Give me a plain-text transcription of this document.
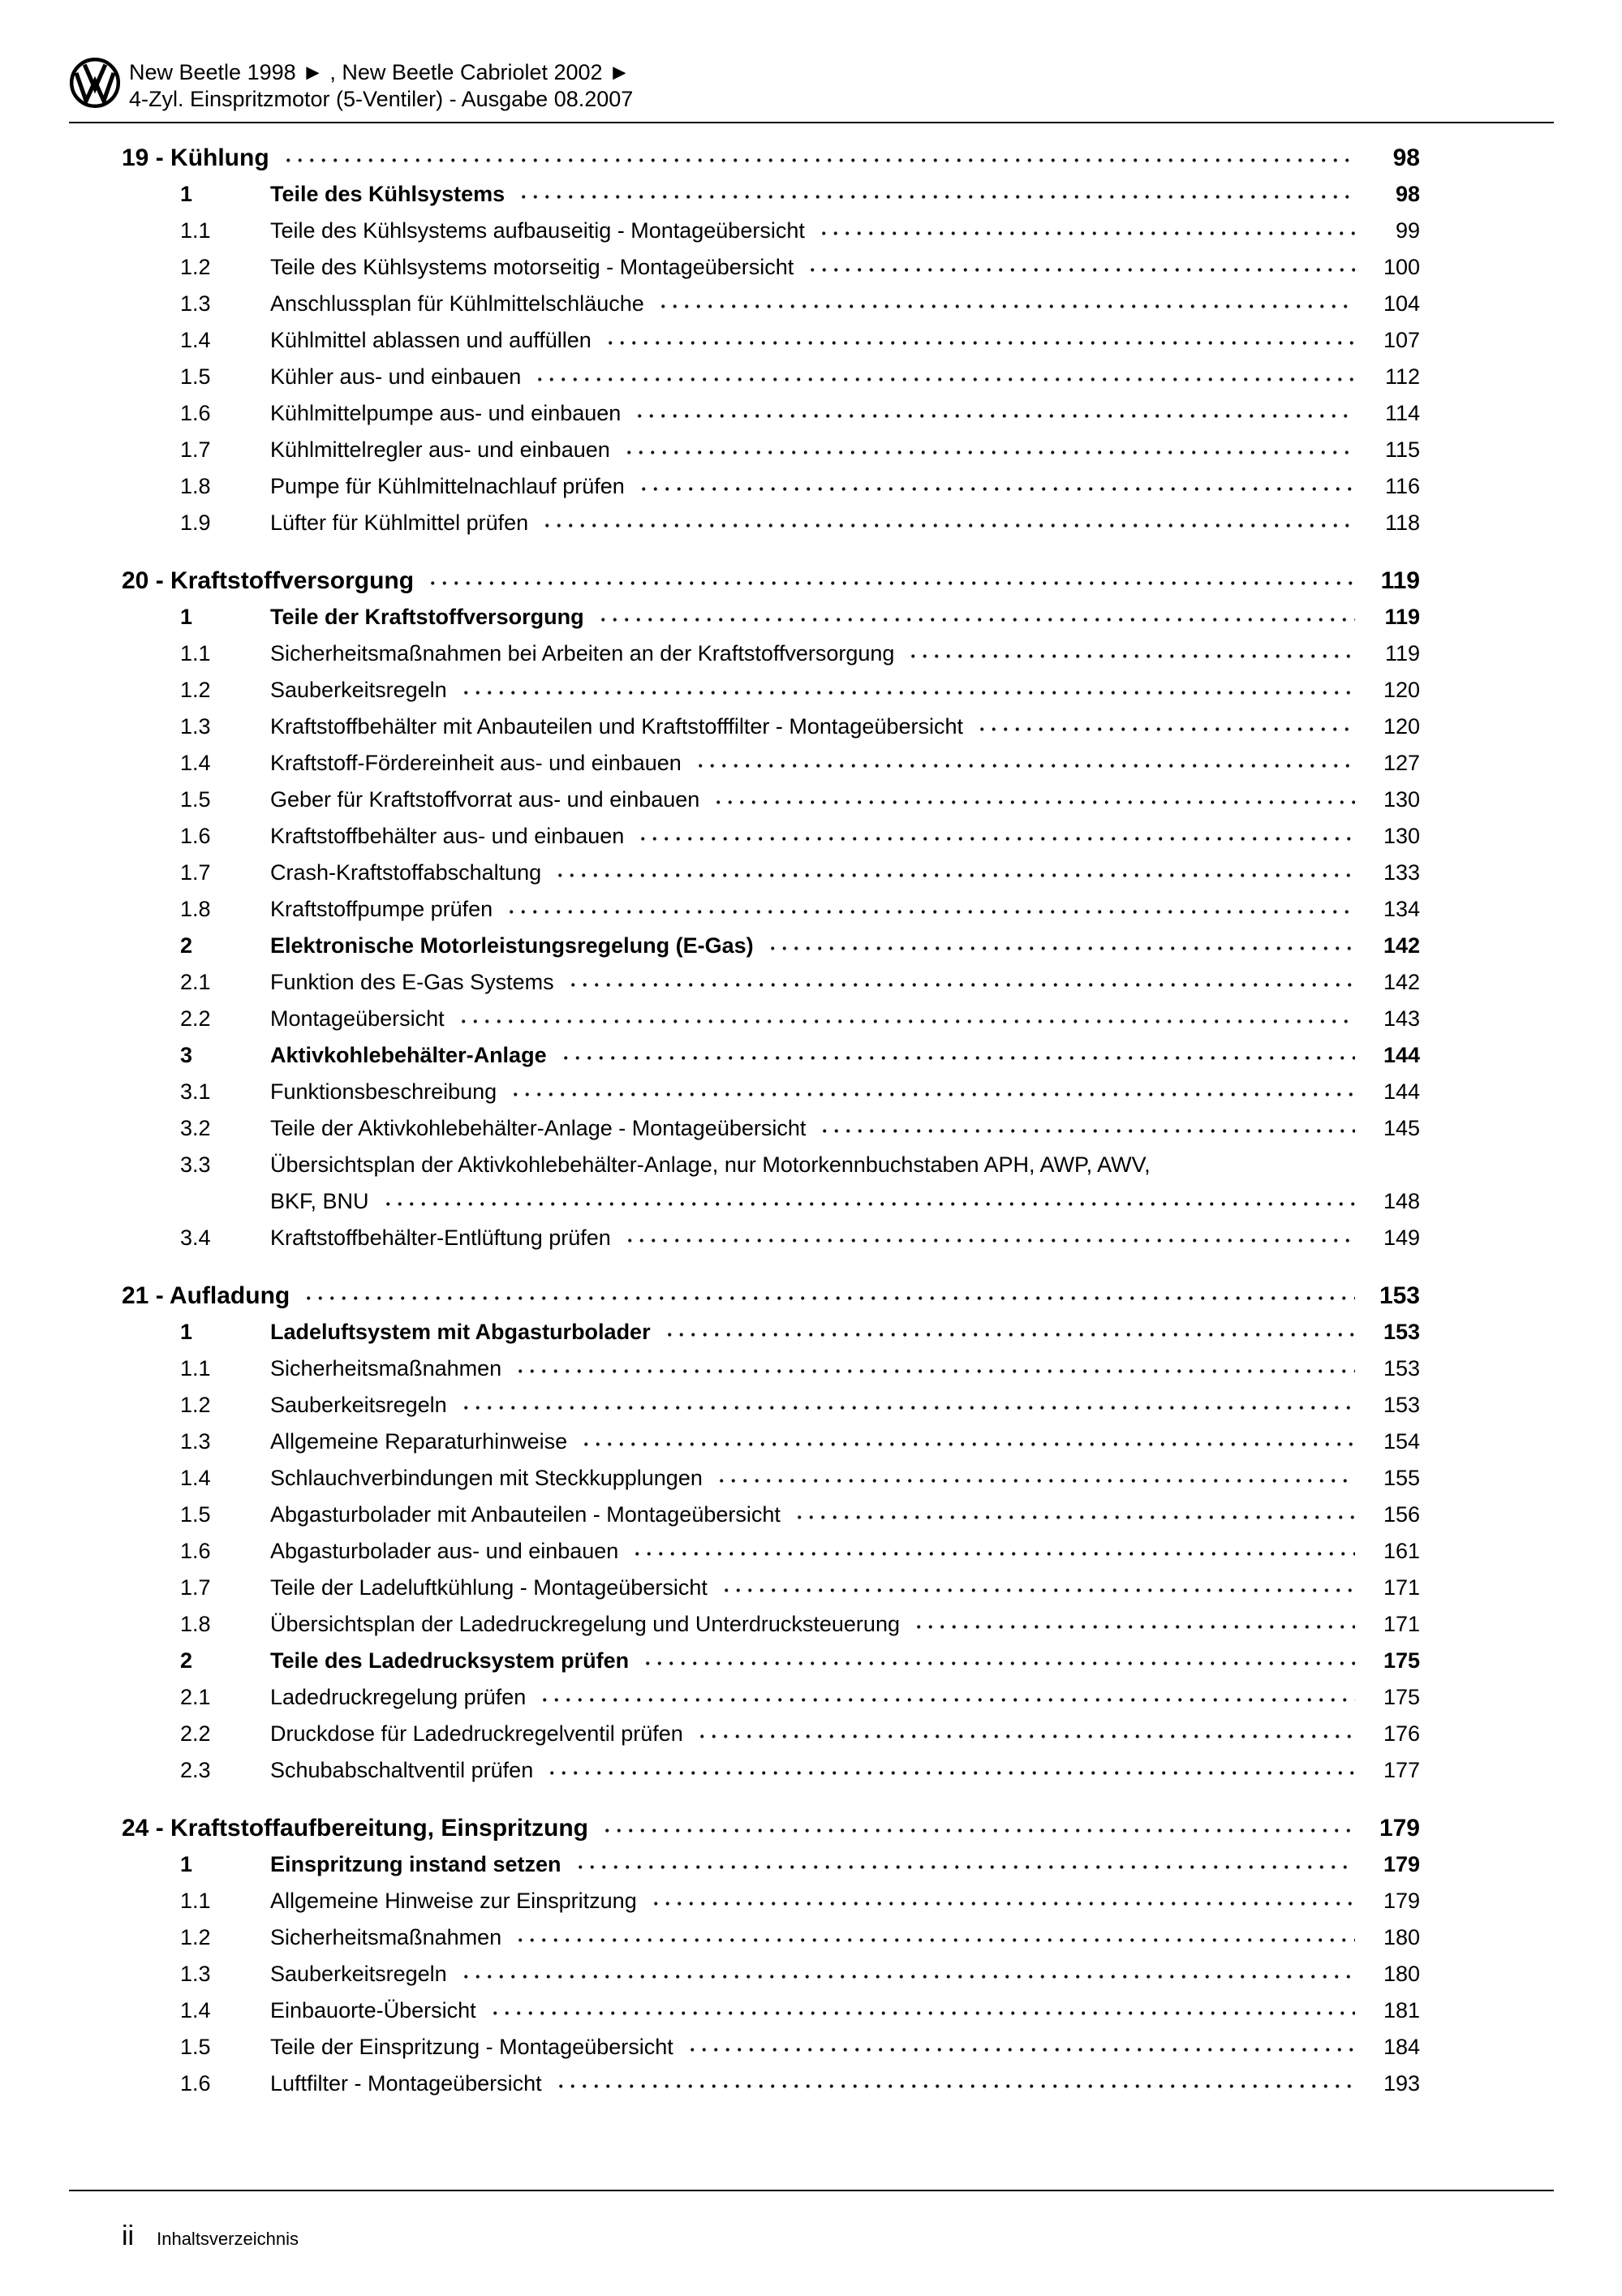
New Beetle 1998 ► , New Beetle Cabriolet 2002 ►
4-Zyl. Einspritzmotor (5-Ventiler) - Ausgabe 08.2007
19 - Kühlung	98
1	Teile des Kühlsystems	98
1.1	Teile des Kühlsystems aufbauseitig - Montageübersicht	99
1.2	Teile des Kühlsystems motorseitig - Montageübersicht	100
1.3	Anschlussplan für Kühlmittelschläuche	104
1.4	Kühlmittel ablassen und auffüllen	107
1.5	Kühler aus- und einbauen	112
1.6	Kühlmittelpumpe aus- und einbauen	114
1.7	Kühlmittelregler aus- und einbauen	115
1.8	Pumpe für Kühlmittelnachlauf prüfen	116
1.9	Lüfter für Kühlmittel prüfen	118
20 - Kraftstoffversorgung	119
1	Teile der Kraftstoffversorgung	119
1.1	Sicherheitsmaßnahmen bei Arbeiten an der Kraftstoffversorgung	119
1.2	Sauberkeitsregeln	120
1.3	Kraftstoffbehälter mit Anbauteilen und Kraftstofffilter - Montageübersicht	120
1.4	Kraftstoff-Fördereinheit aus- und einbauen	127
1.5	Geber für Kraftstoffvorrat aus- und einbauen	130
1.6	Kraftstoffbehälter aus- und einbauen	130
1.7	Crash-Kraftstoffabschaltung	133
1.8	Kraftstoffpumpe prüfen	134
2	Elektronische Motorleistungsregelung (E-Gas)	142
2.1	Funktion des E-Gas Systems	142
2.2	Montageübersicht	143
3	Aktivkohlebehälter-Anlage	144
3.1	Funktionsbeschreibung	144
3.2	Teile der Aktivkohlebehälter-Anlage - Montageübersicht	145
3.3	Übersichtsplan der Aktivkohlebehälter-Anlage, nur Motorkennbuchstaben APH, AWP, AWV,
BKF, BNU	148
3.4	Kraftstoffbehälter-Entlüftung prüfen	149
21 - Aufladung	153
1	Ladeluftsystem mit Abgasturbolader	153
1.1	Sicherheitsmaßnahmen	153
1.2	Sauberkeitsregeln	153
1.3	Allgemeine Reparaturhinweise	154
1.4	Schlauchverbindungen mit Steckkupplungen	155
1.5	Abgasturbolader mit Anbauteilen - Montageübersicht	156
1.6	Abgasturbolader aus- und einbauen	161
1.7	Teile der Ladeluftkühlung - Montageübersicht	171
1.8	Übersichtsplan der Ladedruckregelung und Unterdrucksteuerung	171
2	Teile des Ladedrucksystem prüfen	175
2.1	Ladedruckregelung prüfen	175
2.2	Druckdose für Ladedruckregelventil prüfen	176
2.3	Schubabschaltventil prüfen	177
24 - Kraftstoffaufbereitung, Einspritzung	179
1	Einspritzung instand setzen	179
1.1	Allgemeine Hinweise zur Einspritzung	179
1.2	Sicherheitsmaßnahmen	180
1.3	Sauberkeitsregeln	180
1.4	Einbauorte-Übersicht	181
1.5	Teile der Einspritzung - Montageübersicht	184
1.6	Luftfilter - Montageübersicht	193
ii Inhaltsverzeichnis
